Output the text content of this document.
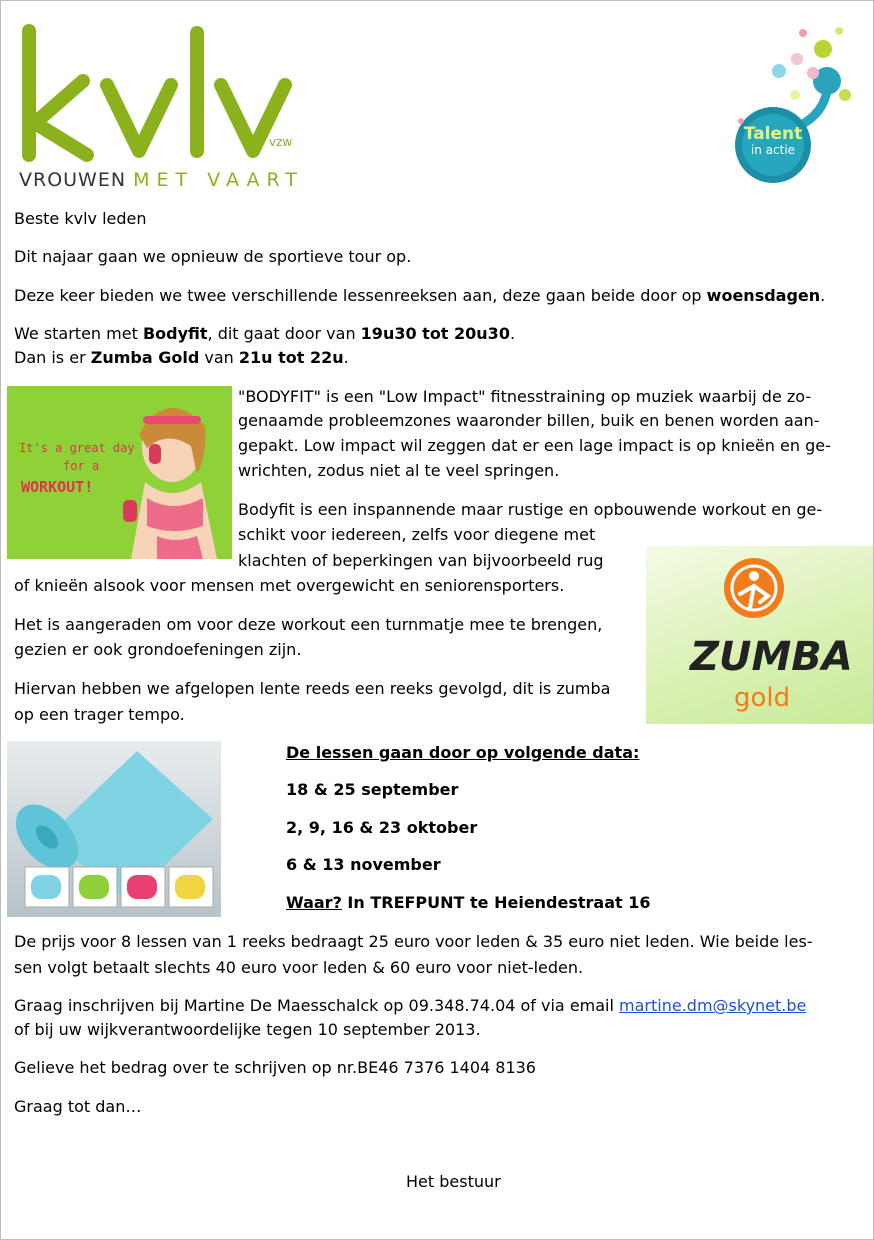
vzw
VROUWEN MET VAART
Talent
in actie
Beste kvlv leden
Dit najaar gaan we opnieuw de sportieve tour op.
Deze keer bieden we twee verschillende lessenreeksen aan, deze gaan beide door op woensdagen.
We starten met Bodyfit, dit gaat door van 19u30 tot 20u30.
Dan is er Zumba Gold van 21u tot 22u.
It's a great day
for a
WORKOUT!
"BODYFIT" is een "Low Impact" fitnesstraining op muziek waarbij de zo-
genaamde probleemzones waaronder billen, buik en benen worden aan-
gepakt. Low impact wil zeggen dat er een lage impact is op knieën en ge-
wrichten, zodus niet al te veel springen.
Bodyfit is een inspannende maar rustige en opbouwende workout en ge-
schikt voor iedereen, zelfs voor diegene met
klachten of beperkingen van bijvoorbeeld rug
of knieën alsook voor mensen met overgewicht en seniorensporters.
ZUMBA
gold
Het is aangeraden om voor deze workout een turnmatje mee te brengen,
gezien er ook grondoefeningen zijn.
Hiervan hebben we afgelopen lente reeds een reeks gevolgd, dit is zumba
op een trager tempo.
De lessen gaan door op volgende data:
18 & 25 september
2, 9, 16 & 23 oktober
6 & 13 november
Waar? In TREFPUNT te Heiendestraat 16
De prijs voor 8 lessen van 1 reeks bedraagt 25 euro voor leden & 35 euro niet leden. Wie beide les-
sen volgt betaalt slechts 40 euro voor leden & 60 euro voor niet-leden.
Graag inschrijven bij Martine De Maesschalck op 09.348.74.04 of via email martine.dm@skynet.be
of bij uw wijkverantwoordelijke tegen 10 september 2013.
Gelieve het bedrag over te schrijven op nr.BE46 7376 1404 8136
Graag tot dan…
Het bestuur
